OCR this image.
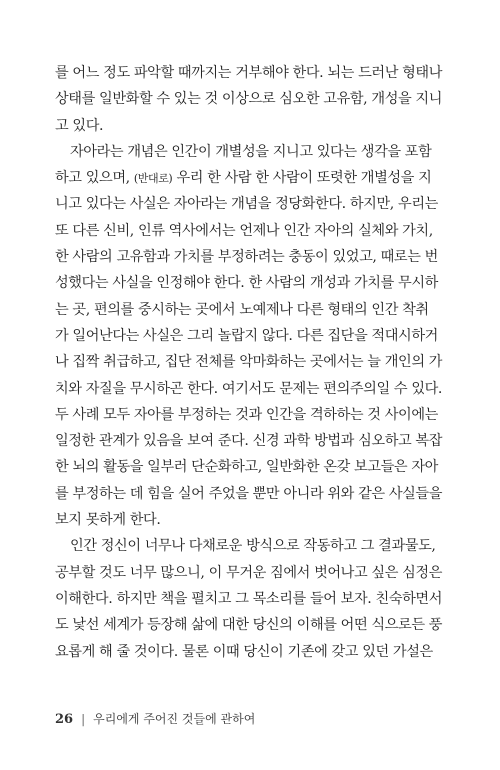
를 어느 정도 파악할 때까지는 거부해야 한다. 뇌는 드러난 형태나
상태를 일반화할 수 있는 것 이상으로 심오한 고유함, 개성을 지니
고 있다.
자아라는 개념은 인간이 개별성을 지니고 있다는 생각을 포함
하고 있으며, (반대로) 우리 한 사람 한 사람이 또렷한 개별성을 지
니고 있다는 사실은 자아라는 개념을 정당화한다. 하지만, 우리는
또 다른 신비, 인류 역사에서는 언제나 인간 자아의 실체와 가치,
한 사람의 고유함과 가치를 부정하려는 충동이 있었고, 때로는 번
성했다는 사실을 인정해야 한다. 한 사람의 개성과 가치를 무시하
는 곳, 편의를 중시하는 곳에서 노예제나 다른 형태의 인간 착취
가 일어난다는 사실은 그리 놀랍지 않다. 다른 집단을 적대시하거
나 집짝 취급하고, 집단 전체를 악마화하는 곳에서는 늘 개인의 가
치와 자질을 무시하곤 한다. 여기서도 문제는 편의주의일 수 있다.
두 사례 모두 자아를 부정하는 것과 인간을 격하하는 것 사이에는
일정한 관계가 있음을 보여 준다. 신경 과학 방법과 심오하고 복잡
한 뇌의 활동을 일부러 단순화하고, 일반화한 온갖 보고들은 자아
를 부정하는 데 힘을 실어 주었을 뿐만 아니라 위와 같은 사실들을
보지 못하게 한다.
인간 정신이 너무나 다채로운 방식으로 작동하고 그 결과물도,
공부할 것도 너무 많으니, 이 무거운 짐에서 벗어나고 싶은 심정은
이해한다. 하지만 책을 펼치고 그 목소리를 들어 보자. 친숙하면서
도 낯선 세계가 등장해 삶에 대한 당신의 이해를 어떤 식으로든 풍
요롭게 해 줄 것이다. 물론 이때 당신이 기존에 갖고 있던 가설은
26 | 우리에게 주어진 것들에 관하여
